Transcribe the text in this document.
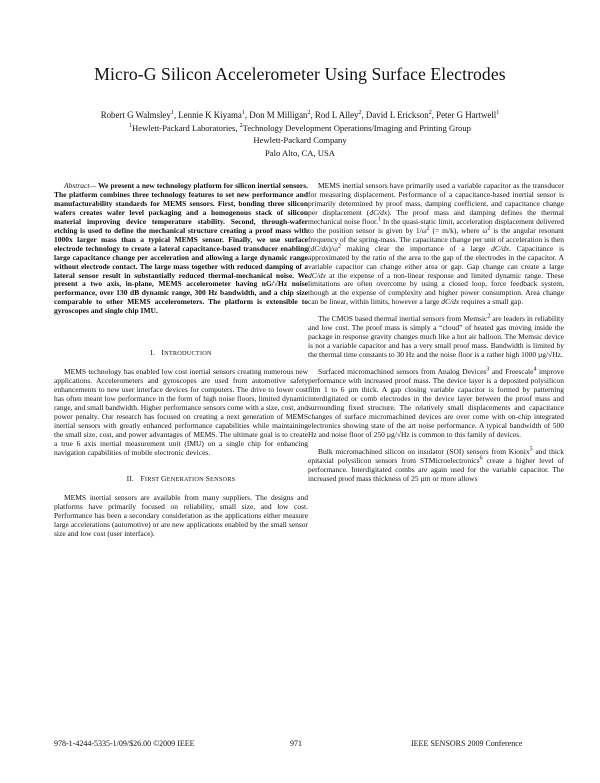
Micro-G Silicon Accelerometer Using Surface Electrodes
Robert G Walmsley$^1$, Lennie K Kiyama$^1$, Don M Milligan$^2$, Rod L Alley$^2$, David L Erickson$^2$, Peter G Hartwell$^1$
$^1$Hewlett-Packard Laboratories, $^2$Technology Development Operations/Imaging and Printing Group
Hewlett-Packard Company
Palo Alto, CA, USA

Abstract— We present a new technology platform for silicon inertial sensors. The platform combines three technology features to set new performance and manufacturability standards for MEMS sensors. First, bonding three silicon wafers creates wafer level packaging and a homogenous stack of silicon material improving device temperature stability. Second, through-wafer etching is used to define the mechanical structure creating a proof mass with 1000x larger mass than a typical MEMS sensor. Finally, we use surface electrode technology to create a lateral capacitance-based transducer enabling large capacitance change per acceleration and allowing a large dynamic range without electrode contact. The large mass together with reduced damping of a lateral sensor result in substantially reduced thermal-mechanical noise. We present a two axis, in-plane, MEMS accelerometer having nG/√Hz noise performance, over 130 dB dynamic range, 300 Hz bandwidth, and a chip size comparable to other MEMS accelerometers. The platform is extensible to gyroscopes and single chip IMU.

I. INTRODUCTION

MEMS technology has enabled low cost inertial sensors creating numerous new applications. Accelerometers and gyroscopes are used from automotive safety enhancements to new user interface devices for computers. The drive to lower cost has often meant low performance in the form of high noise floors, limited dynamic range, and small bandwidth. Higher performance sensors come with a size, cost, and power penalty. Our research has focused on creating a next generation of MEMS inertial sensors with greatly enhanced performance capabilities while maintaining the small size, cost, and power advantages of MEMS. The ultimate goal is to create a true 6 axis inertial measurement unit (IMU) on a single chip for enhancing navigation capabilities of mobile electronic devices.

II. FIRST GENERATION SENSORS

MEMS inertial sensors are available from many suppliers. The designs and platforms have primarily focused on reliability, small size, and low cost. Performance has been a secondary consideration as the applications either measure large accelerations (automotive) or are new applications enabled by the small sensor size and low cost (user interface).

MEMS inertial sensors have primarily used a variable capacitor as the transducer for measuring displacement. Performance of a capacitance-based inertial sensor is primarily determined by proof mass, damping coefficient, and capacitance change per displacement (dC/dx). The proof mass and damping defines the thermal mechanical noise floor.$^1$ In the quasi-static limit, acceleration displacement delivered to the position sensor is given by $1/\omega^2$ (= m/k), where $\omega^2$ is the angular resonant frequency of the spring-mass. The capacitance change per unit of acceleration is then $(dC/dx)/\omega^2$ making clear the importance of a large dC/dx. Capacitance is approximated by the ratio of the area to the gap of the electrodes in the capacitor. A variable capacitor can change either area or gap. Gap change can create a large dC/dx at the expense of a non-linear response and limited dynamic range. These limitations are often overcome by using a closed loop, force feedback system, though at the expense of complexity and higher power consumption. Area change can be linear, within limits, however a large dC/dx requires a small gap.

The CMOS based thermal inertial sensors from Memsic$^2$ are leaders in reliability and low cost. The proof mass is simply a “cloud” of heated gas moving inside the package in response gravity changes much like a hot air balloon. The Memsic device is not a variable capacitor and has a very small proof mass. Bandwidth is limited by the thermal time constants to 30 Hz and the noise floor is a rather high 1000 µg/√Hz.

Surfaced micromachined sensors from Analog Devices$^3$ and Freescale$^4$ improve performance with increased proof mass. The device layer is a deposited polysilicon film 1 to 6 µm thick. A gap closing variable capacitor is formed by patterning interdigitated or comb electrodes in the device layer between the proof mass and surrounding fixed structure. The relatively small displacements and capacitance changes of surface micromachined devices are over come with on-chip integrated electronics showing state of the art noise performance. A typical bandwidth of 500 Hz and noise floor of 250 µg/√Hz is common to this family of devices.

Bulk micromachined silicon on insulator (SOI) sensors from Kionix$^5$ and thick epitaxial polysilicon sensors from STMicroelectronics$^6$ create a higher level of performance. Interdigitated combs are again used for the variable capacitor. The increased proof mass thickness of 25 µm or more allows

978-1-4244-5335-1/09/$26.00 ©2009 IEEE	971	IEEE SENSORS 2009 Conference
